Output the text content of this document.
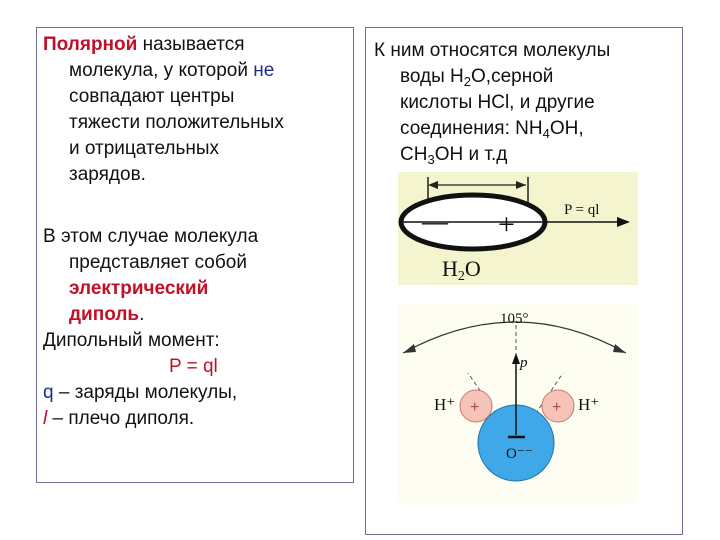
Полярной называется
молекула, у которой не
совпадают центры
тяжести положительных
и отрицательных
зарядов.
В этом случае молекула
представляет собой
электрический
диполь.
Дипольный момент:
P = ql
q – заряды молекулы,
l – плечо диполя.
К ним относятся молекулы
воды $Н_2О,серной$
кислоты HCl, и другие
соединения: $NH_4OH$,
$CH_3OH$ и т.д
— +	P = ql
H2O
105°
+	+
p
H⁺	H⁺
O⁻⁻
